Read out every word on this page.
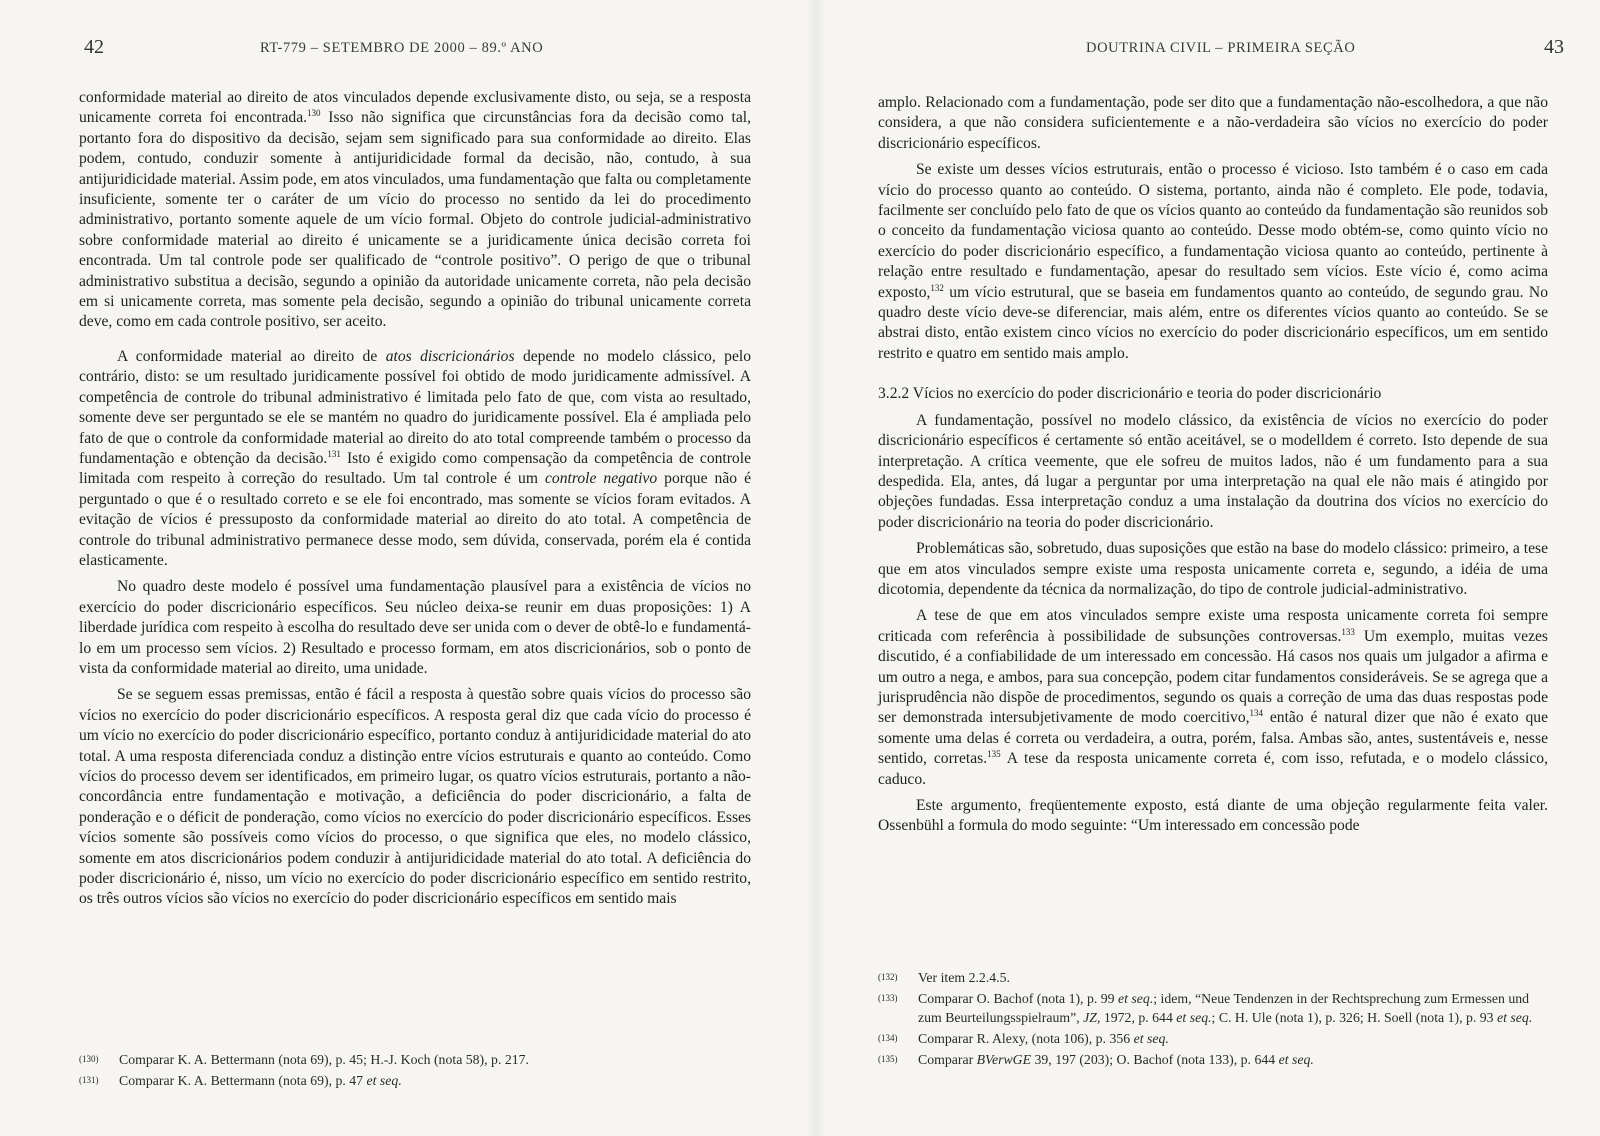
42	RT-779 – SETEMBRO DE 2000 – 89.º ANO

conformidade material ao direito de atos vinculados depende exclusivamente disto, ou seja, se a resposta unicamente correta foi encontrada.$^{130}$ Isso não significa que circunstâncias fora da decisão como tal, portanto fora do dispositivo da decisão, sejam sem significado para sua conformidade ao direito. Elas podem, contudo, conduzir somente à antijuridicidade formal da decisão, não, contudo, à sua antijuridicidade material. Assim pode, em atos vinculados, uma fundamentação que falta ou completamente insuficiente, somente ter o caráter de um vício do processo no sentido da lei do procedimento administrativo, portanto somente aquele de um vício formal. Objeto do controle judicial-administrativo sobre conformidade material ao direito é unicamente se a juridicamente única decisão correta foi encontrada. Um tal controle pode ser qualificado de “controle positivo”. O perigo de que o tribunal administrativo substitua a decisão, segundo a opinião da autoridade unicamente correta, não pela decisão em si unicamente correta, mas somente pela decisão, segundo a opinião do tribunal unicamente correta deve, como em cada controle positivo, ser aceito.

A conformidade material ao direito de atos discricionários depende no modelo clássico, pelo contrário, disto: se um resultado juridicamente possível foi obtido de modo juridicamente admissível. A competência de controle do tribunal administrativo é limitada pelo fato de que, com vista ao resultado, somente deve ser perguntado se ele se mantém no quadro do juridicamente possível. Ela é ampliada pelo fato de que o controle da conformidade material ao direito do ato total compreende também o processo da fundamentação e obtenção da decisão.$^{131}$ Isto é exigido como compensação da competência de controle limitada com respeito à correção do resultado. Um tal controle é um controle negativo porque não é perguntado o que é o resultado correto e se ele foi encontrado, mas somente se vícios foram evitados. A evitação de vícios é pressuposto da conformidade material ao direito do ato total. A competência de controle do tribunal administrativo permanece desse modo, sem dúvida, conservada, porém ela é contida elasticamente.

No quadro deste modelo é possível uma fundamentação plausível para a existência de vícios no exercício do poder discricionário específicos. Seu núcleo deixa-se reunir em duas proposições: 1) A liberdade jurídica com respeito à escolha do resultado deve ser unida com o dever de obtê-lo e fundamentá-lo em um processo sem vícios. 2) Resultado e processo formam, em atos discricionários, sob o ponto de vista da conformidade material ao direito, uma unidade.

Se se seguem essas premissas, então é fácil a resposta à questão sobre quais vícios do processo são vícios no exercício do poder discricionário específicos. A resposta geral diz que cada vício do processo é um vício no exercício do poder discricionário específico, portanto conduz à antijuridicidade material do ato total. A uma resposta diferenciada conduz a distinção entre vícios estruturais e quanto ao conteúdo. Como vícios do processo devem ser identificados, em primeiro lugar, os quatro vícios estruturais, portanto a não-concordância entre fundamentação e motivação, a deficiência do poder discricionário, a falta de ponderação e o déficit de ponderação, como vícios no exercício do poder discricionário específicos. Esses vícios somente são possíveis como vícios do processo, o que significa que eles, no modelo clássico, somente em atos discricionários podem conduzir à antijuridicidade material do ato total. A deficiência do poder discricionário é, nisso, um vício no exercício do poder discricionário específico em sentido restrito, os três outros vícios são vícios no exercício do poder discricionário específicos em sentido mais

(130) Comparar K. A. Bettermann (nota 69), p. 45; H.-J. Koch (nota 58), p. 217.
(131) Comparar K. A. Bettermann (nota 69), p. 47 et seq.
DOUTRINA CIVIL – PRIMEIRA SEÇÃO	43

amplo. Relacionado com a fundamentação, pode ser dito que a fundamentação não-escolhedora, a que não considera, a que não considera suficientemente e a não-verdadeira são vícios no exercício do poder discricionário específicos.

Se existe um desses vícios estruturais, então o processo é vicioso. Isto também é o caso em cada vício do processo quanto ao conteúdo. O sistema, portanto, ainda não é completo. Ele pode, todavia, facilmente ser concluído pelo fato de que os vícios quanto ao conteúdo da fundamentação são reunidos sob o conceito da fundamentação viciosa quanto ao conteúdo. Desse modo obtém-se, como quinto vício no exercício do poder discricionário específico, a fundamentação viciosa quanto ao conteúdo, pertinente à relação entre resultado e fundamentação, apesar do resultado sem vícios. Este vício é, como acima exposto,$^{132}$ um vício estrutural, que se baseia em fundamentos quanto ao conteúdo, de segundo grau. No quadro deste vício deve-se diferenciar, mais além, entre os diferentes vícios quanto ao conteúdo. Se se abstrai disto, então existem cinco vícios no exercício do poder discricionário específicos, um em sentido restrito e quatro em sentido mais amplo.

3.2.2 Vícios no exercício do poder discricionário e teoria do poder discricionário

A fundamentação, possível no modelo clássico, da existência de vícios no exercício do poder discricionário específicos é certamente só então aceitável, se o modelldem é correto. Isto depende de sua interpretação. A crítica veemente, que ele sofreu de muitos lados, não é um fundamento para a sua despedida. Ela, antes, dá lugar a perguntar por uma interpretação na qual ele não mais é atingido por objeções fundadas. Essa interpretação conduz a uma instalação da doutrina dos vícios no exercício do poder discricionário na teoria do poder discricionário.

Problemáticas são, sobretudo, duas suposições que estão na base do modelo clássico: primeiro, a tese que em atos vinculados sempre existe uma resposta unicamente correta e, segundo, a idéia de uma dicotomia, dependente da técnica da normalização, do tipo de controle judicial-administrativo.

A tese de que em atos vinculados sempre existe uma resposta unicamente correta foi sempre criticada com referência à possibilidade de subsunções controversas.$^{133}$ Um exemplo, muitas vezes discutido, é a confiabilidade de um interessado em concessão. Há casos nos quais um julgador a afirma e um outro a nega, e ambos, para sua concepção, podem citar fundamentos consideráveis. Se se agrega que a jurisprudência não dispõe de procedimentos, segundo os quais a correção de uma das duas respostas pode ser demonstrada intersubjetivamente de modo coercitivo,$^{134}$ então é natural dizer que não é exato que somente uma delas é correta ou verdadeira, a outra, porém, falsa. Ambas são, antes, sustentáveis e, nesse sentido, corretas.$^{135}$ A tese da resposta unicamente correta é, com isso, refutada, e o modelo clássico, caduco.

Este argumento, freqüentemente exposto, está diante de uma objeção regularmente feita valer. Ossenbühl a formula do modo seguinte: “Um interessado em concessão pode

(132) Ver item 2.2.4.5.
(133) Comparar O. Bachof (nota 1), p. 99 et seq.; idem, “Neue Tendenzen in der Rechtsprechung zum Ermessen und zum Beurteilungsspielraum”, JZ, 1972, p. 644 et seq.; C. H. Ule (nota 1), p. 326; H. Soell (nota 1), p. 93 et seq.
(134) Comparar R. Alexy, (nota 106), p. 356 et seq.
(135) Comparar BVerwGE 39, 197 (203); O. Bachof (nota 133), p. 644 et seq.
